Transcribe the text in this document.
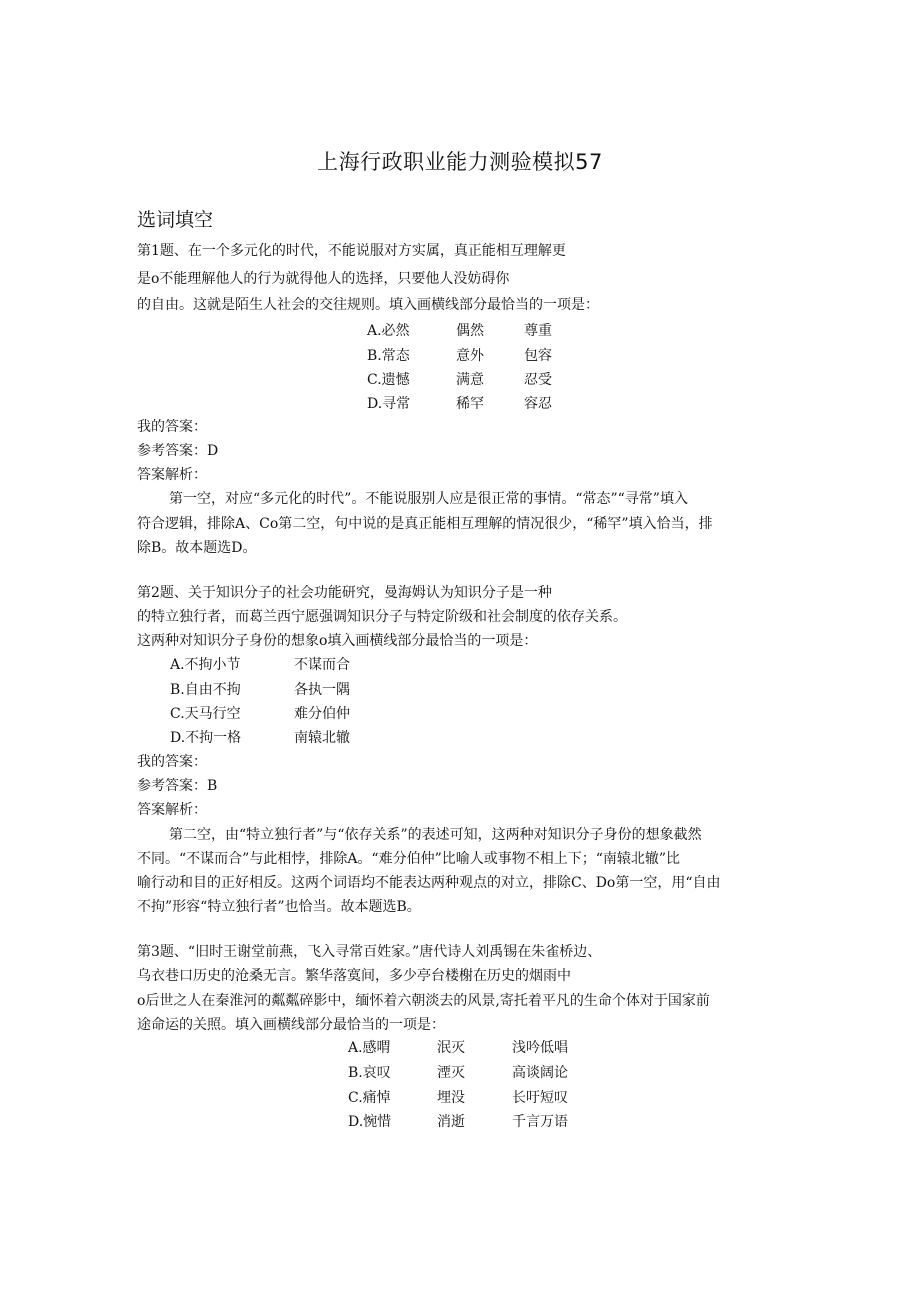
上海行政职业能力测验模拟57
选词填空
第1题、在一个多元化的时代，不能说服对方实属，真正能相互理解更
是o不能理解他人的行为就得他人的选择，只要他人没妨碍你
的自由。这就是陌生人社会的交往规则。填入画横线部分最恰当的一项是：
A.必然	偶然	尊重
B.常态	意外	包容
C.遗憾	满意	忍受
D.寻常	稀罕	容忍
我的答案：
参考答案：D
答案解析：
第一空，对应“多元化的时代”。不能说服别人应是很正常的事情。“常态”“寻常”填入
符合逻辑，排除A、Co第二空，句中说的是真正能相互理解的情况很少，“稀罕”填入恰当，排
除B。故本题选D。
第2题、关于知识分子的社会功能研究，曼海姆认为知识分子是一种
的特立独行者，而葛兰西宁愿强调知识分子与特定阶级和社会制度的依存关系。
这两种对知识分子身份的想象o填入画横线部分最恰当的一项是：
A.不拘小节	不谋而合
B.自由不拘	各执一隅
C.天马行空	难分伯仲
D.不拘一格	南辕北辙
我的答案：
参考答案：B
答案解析：
第二空，由“特立独行者”与“依存关系”的表述可知，这两种对知识分子身份的想象截然
不同。“不谋而合”与此相悖，排除A。“难分伯仲”比喻人或事物不相上下；“南辕北辙”比
喻行动和目的正好相反。这两个词语均不能表达两种观点的对立，排除C、Do第一空，用“自由
不拘”形容“特立独行者”也恰当。故本题选B。
第3题、“旧时王谢堂前燕，飞入寻常百姓家。”唐代诗人刘禹锡在朱雀桥边、
乌衣巷口历史的沧桑无言。繁华落寞间，多少亭台楼榭在历史的烟雨中
o后世之人在秦淮河的粼粼碎影中，缅怀着六朝淡去的风景,寄托着平凡的生命个体对于国家前
途命运的关照。填入画横线部分最恰当的一项是：
A.感喟	泯灭	浅吟低唱
B.哀叹	湮灭	高谈阔论
C.痛悼	埋没	长吁短叹
D.惋惜	消逝	千言万语
